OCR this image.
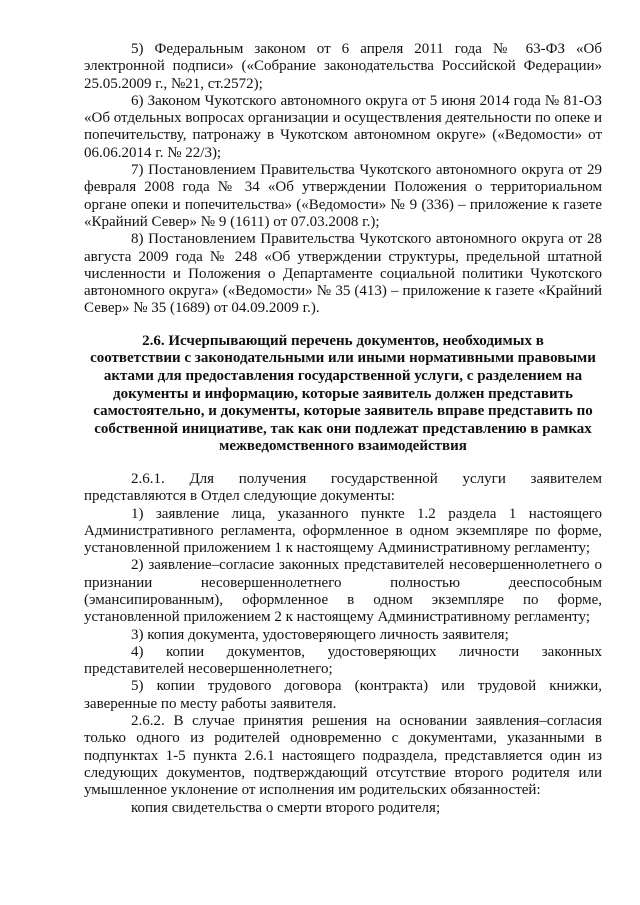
5) Федеральным законом от 6 апреля 2011 года № 63-ФЗ «Об электронной подписи» («Собрание законодательства Российской Федерации» 25.05.2009 г., №21, ст.2572);

6) Законом Чукотского автономного округа от 5 июня 2014 года № 81-ОЗ «Об отдельных вопросах организации и осуществления деятельности по опеке и попечительству, патронажу в Чукотском автономном округе» («Ведомости» от 06.06.2014 г. № 22/3);

7) Постановлением Правительства Чукотского автономного округа от 29 февраля 2008 года № 34 «Об утверждении Положения о территориальном органе опеки и попечительства» («Ведомости» № 9 (336) – приложение к газете «Крайний Север» № 9 (1611) от 07.03.2008 г.);

8) Постановлением Правительства Чукотского автономного округа от 28 августа 2009 года № 248 «Об утверждении структуры, предельной штатной численности и Положения о Департаменте социальной политики Чукотского автономного округа» («Ведомости» № 35 (413) – приложение к газете «Крайний Север» № 35 (1689) от 04.09.2009 г.).

2.6. Исчерпывающий перечень документов, необходимых в
соответствии с законодательными или иными нормативными правовыми
актами для предоставления государственной услуги, с разделением на
документы и информацию, которые заявитель должен представить
самостоятельно, и документы, которые заявитель вправе представить по
собственной инициативе, так как они подлежат представлению в рамках
межведомственного взаимодействия

2.6.1. Для получения государственной услуги заявителем представляются в Отдел следующие документы:

1) заявление лица, указанного пункте 1.2 раздела 1 настоящего Административного регламента, оформленное в одном экземпляре по форме, установленной приложением 1 к настоящему Административному регламенту;

2) заявление–согласие законных представителей несовершеннолетнего о признании несовершеннолетнего полностью дееспособным (эмансипированным), оформленное в одном экземпляре по форме, установленной приложением 2 к настоящему Административному регламенту;

3) копия документа, удостоверяющего личность заявителя;

4) копии документов, удостоверяющих личности законных представителей несовершеннолетнего;

5) копии трудового договора (контракта) или трудовой книжки, заверенные по месту работы заявителя.

2.6.2. В случае принятия решения на основании заявления–согласия только одного из родителей одновременно с документами, указанными в подпунктах 1-5 пункта 2.6.1 настоящего подраздела, представляется один из следующих документов, подтверждающий отсутствие второго родителя или умышленное уклонение от исполнения им родительских обязанностей:

копия свидетельства о смерти второго родителя;
